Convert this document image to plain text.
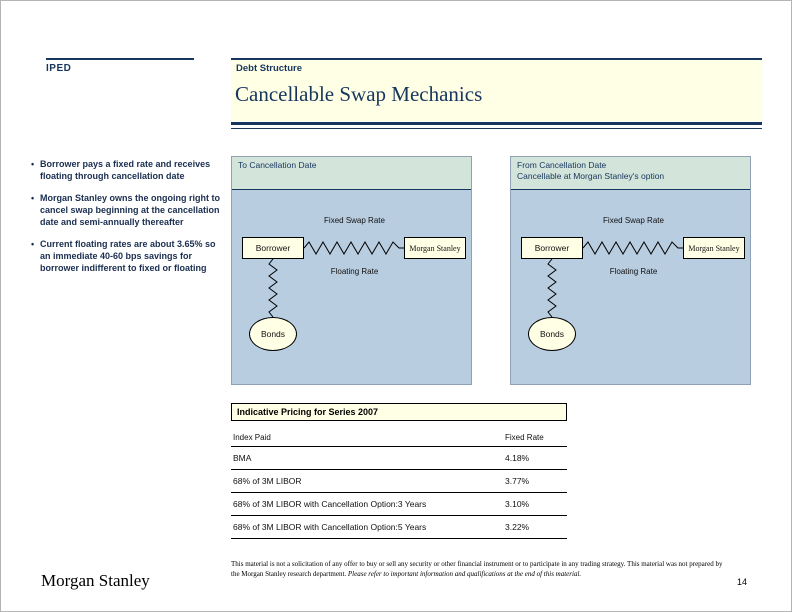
IPED	Debt Structure
Cancellable Swap Mechanics
•
Borrower pays a fixed rate and receives floating through cancellation date
•
Morgan Stanley owns the ongoing right to cancel swap beginning at the cancellation date and semi-annually thereafter
•
Current floating rates are about 3.65% so an immediate 40-60 bps savings for borrower indifferent to fixed or floating
To Cancellation Date
Fixed Swap Rate
Borrower	Morgan Stanley
Floating Rate
Bonds
From Cancellation Date
Cancellable at Morgan Stanley's option
Fixed Swap Rate
Borrower	Morgan Stanley
Floating Rate
Bonds
Indicative Pricing for Series 2007
Index Paid	Fixed Rate
BMA	4.18%
68% of 3M LIBOR	3.77%
68% of 3M LIBOR with Cancellation Option:3 Years	3.10%
68% of 3M LIBOR with Cancellation Option:5 Years	3.22%
Morgan Stanley
This material is not a solicitation of any offer to buy or sell any security or other financial instrument or to participate in any trading strategy. This material was not prepared by the Morgan Stanley research department. Please refer to important information and qualifications at the end of this material.
14
